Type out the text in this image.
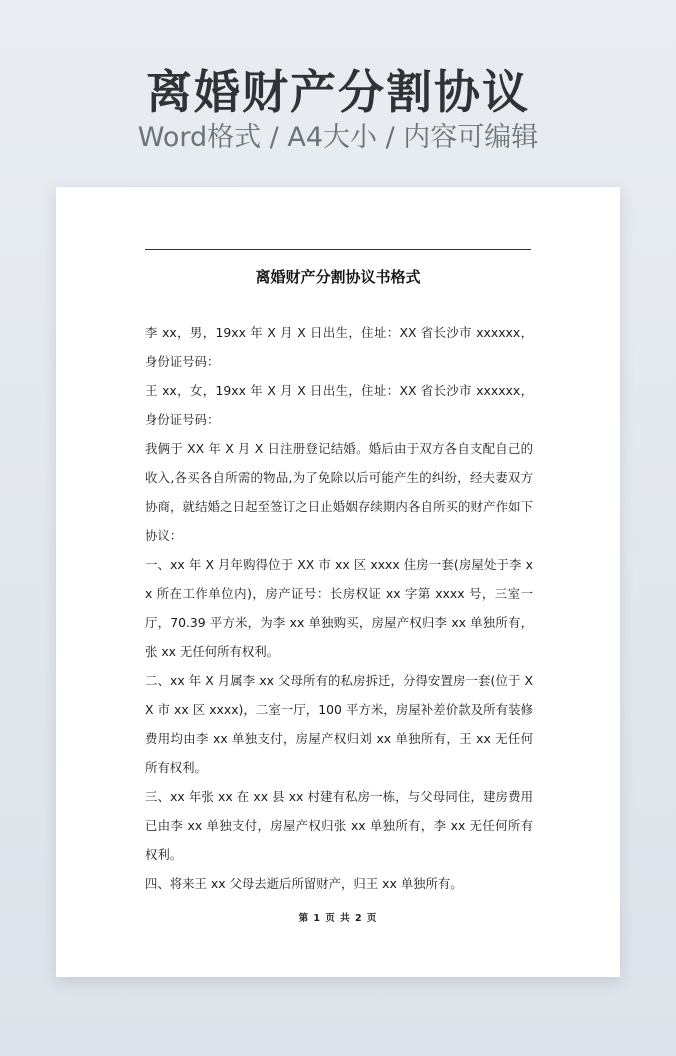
离婚财产分割协议
Word格式 / A4大小 / 内容可编辑
离婚财产分割协议书格式

李 xx，男，19xx 年 X 月 X 日出生，住址：XX 省长沙市 xxxxxx，身份证号码：

王 xx，女，19xx 年 X 月 X 日出生，住址：XX 省长沙市 xxxxxx，身份证号码：

我俩于 XX 年 X 月 X 日注册登记结婚。婚后由于双方各自支配自己的收入,各买各自所需的物品,为了免除以后可能产生的纠纷，经夫妻双方协商，就结婚之日起至签订之日止婚姻存续期内各自所买的财产作如下协议：

一、xx 年 X 月年购得位于 XX 市 xx 区 xxxx 住房一套(房屋处于李 xx 所在工作单位内)，房产证号：长房权证 xx 字第 xxxx 号，三室一厅，70.39 平方米，为李 xx 单独购买，房屋产权归李 xx 单独所有，张 xx 无任何所有权利。

二、xx 年 X 月属李 xx 父母所有的私房拆迁，分得安置房一套(位于 XX 市 xx 区 xxxx)，二室一厅，100 平方米，房屋补差价款及所有装修费用均由李 xx 单独支付，房屋产权归刘 xx 单独所有，王 xx 无任何所有权利。

三、xx 年张 xx 在 xx 县 xx 村建有私房一栋，与父母同住，建房费用已由李 xx 单独支付，房屋产权归张 xx 单独所有，李 xx 无任何所有权利。

四、将来王 xx 父母去逝后所留财产，归王 xx 单独所有。

第 1 页 共 2 页
